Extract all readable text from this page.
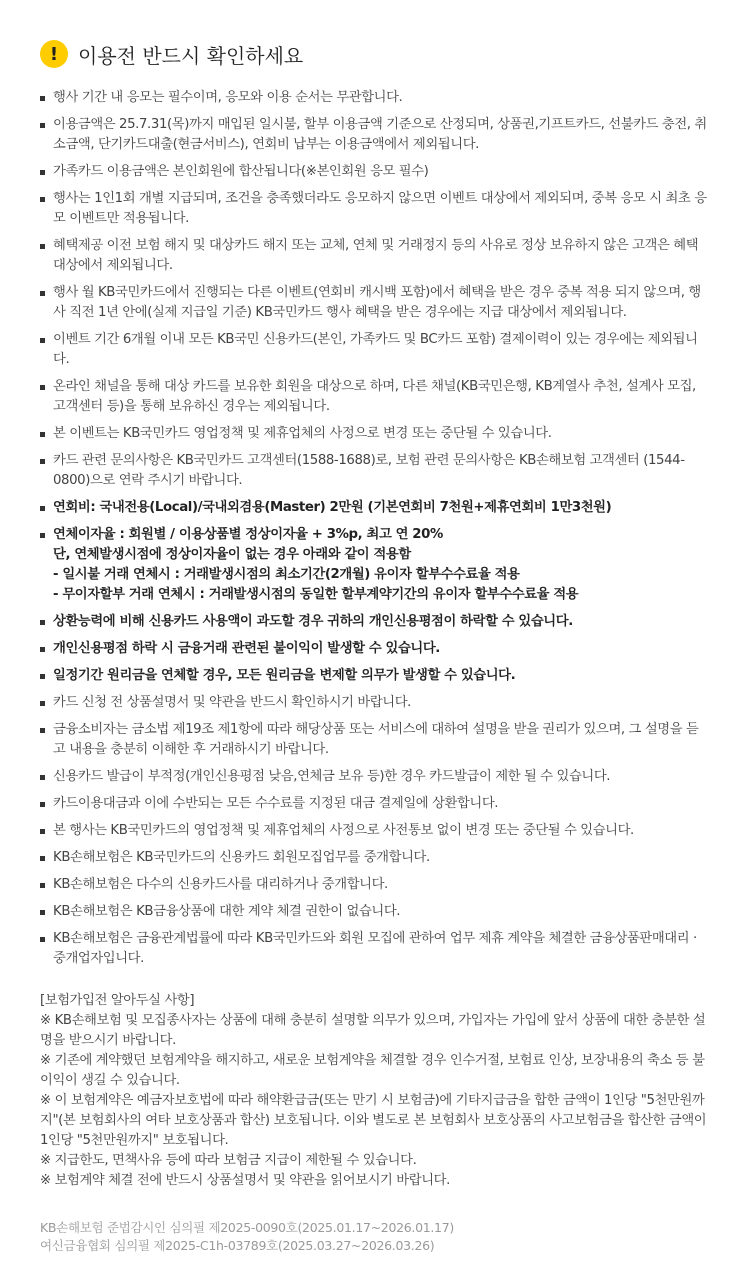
! 이용전 반드시 확인하세요
행사 기간 내 응모는 필수이며, 응모와 이용 순서는 무관합니다.
이용금액은 25.7.31(목)까지 매입된 일시불, 할부 이용금액 기준으로 산정되며, 상품권,기프트카드, 선불카드 충전, 취소금액, 단기카드대출(현금서비스), 연회비 납부는 이용금액에서 제외됩니다.
가족카드 이용금액은 본인회원에 합산됩니다(※본인회원 응모 필수)
행사는 1인1회 개별 지급되며, 조건을 충족했더라도 응모하지 않으면 이벤트 대상에서 제외되며, 중복 응모 시 최초 응모 이벤트만 적용됩니다.
혜택제공 이전 보험 해지 및 대상카드 해지 또는 교체, 연체 및 거래정지 등의 사유로 정상 보유하지 않은 고객은 혜택 대상에서 제외됩니다.
행사 월 KB국민카드에서 진행되는 다른 이벤트(연회비 캐시백 포함)에서 혜택을 받은 경우 중복 적용 되지 않으며, 행사 직전 1년 안에(실제 지급일 기준) KB국민카드 행사 혜택을 받은 경우에는 지급 대상에서 제외됩니다.
이벤트 기간 6개월 이내 모든 KB국민 신용카드(본인, 가족카드 및 BC카드 포함) 결제이력이 있는 경우에는 제외됩니다.
온라인 채널을 통해 대상 카드를 보유한 회원을 대상으로 하며, 다른 채널(KB국민은행, KB계열사 추천, 설계사 모집, 고객센터 등)을 통해 보유하신 경우는 제외됩니다.
본 이벤트는 KB국민카드 영업정책 및 제휴업체의 사정으로 변경 또는 중단될 수 있습니다.
카드 관련 문의사항은 KB국민카드 고객센터(1588-1688)로, 보험 관련 문의사항은 KB손해보험 고객센터 (1544-0800)으로 연락 주시기 바랍니다.
연회비: 국내전용(Local)/국내외겸용(Master) 2만원 (기본연회비 7천원+제휴연회비 1만3천원)
연체이자율 : 회원별 / 이용상품별 정상이자율 + 3%p, 최고 연 20%
단, 연체발생시점에 정상이자율이 없는 경우 아래와 같이 적용함
- 일시불 거래 연체시 : 거래발생시점의 최소기간(2개월) 유이자 할부수수료율 적용
- 무이자할부 거래 연체시 : 거래발생시점의 동일한 할부계약기간의 유이자 할부수수료율 적용
상환능력에 비해 신용카드 사용액이 과도할 경우 귀하의 개인신용평점이 하락할 수 있습니다.
개인신용평점 하락 시 금융거래 관련된 불이익이 발생할 수 있습니다.
일정기간 원리금을 연체할 경우, 모든 원리금을 변제할 의무가 발생할 수 있습니다.
카드 신청 전 상품설명서 및 약관을 반드시 확인하시기 바랍니다.
금융소비자는 금소법 제19조 제1항에 따라 해당상품 또는 서비스에 대하여 설명을 받을 권리가 있으며, 그 설명을 듣고 내용을 충분히 이해한 후 거래하시기 바랍니다.
신용카드 발급이 부적정(개인신용평점 낮음,연체금 보유 등)한 경우 카드발급이 제한 될 수 있습니다.
카드이용대금과 이에 수반되는 모든 수수료를 지정된 대금 결제일에 상환합니다.
본 행사는 KB국민카드의 영업정책 및 제휴업체의 사정으로 사전통보 없이 변경 또는 중단될 수 있습니다.
KB손해보험은 KB국민카드의 신용카드 회원모집업무를 중개합니다.
KB손해보험은 다수의 신용카드사를 대리하거나 중개합니다.
KB손해보험은 KB금융상품에 대한 계약 체결 권한이 없습니다.
KB손해보험은 금융관계법률에 따라 KB국민카드와 회원 모집에 관하여 업무 제휴 계약을 체결한 금융상품판매대리 · 중개업자입니다.
[보험가입전 알아두실 사항]
※ KB손해보험 및 모집종사자는 상품에 대해 충분히 설명할 의무가 있으며, 가입자는 가입에 앞서 상품에 대한 충분한 설명을 받으시기 바랍니다.
※ 기존에 계약했던 보험계약을 해지하고, 새로운 보험계약을 체결할 경우 인수거절, 보험료 인상, 보장내용의 축소 등 불이익이 생길 수 있습니다.
※ 이 보험계약은 예금자보호법에 따라 해약환급금(또는 만기 시 보험금)에 기타지급금을 합한 금액이 1인당 "5천만원까지"(본 보험회사의 여타 보호상품과 합산) 보호됩니다. 이와 별도로 본 보험회사 보호상품의 사고보험금을 합산한 금액이 1인당 "5천만원까지" 보호됩니다.
※ 지급한도, 면책사유 등에 따라 보험금 지급이 제한될 수 있습니다.
※ 보험계약 체결 전에 반드시 상품설명서 및 약관을 읽어보시기 바랍니다.
KB손해보험 준법감시인 심의필 제2025-0090호(2025.01.17~2026.01.17)
여신금융협회 심의필 제2025-C1h-03789호(2025.03.27~2026.03.26)
